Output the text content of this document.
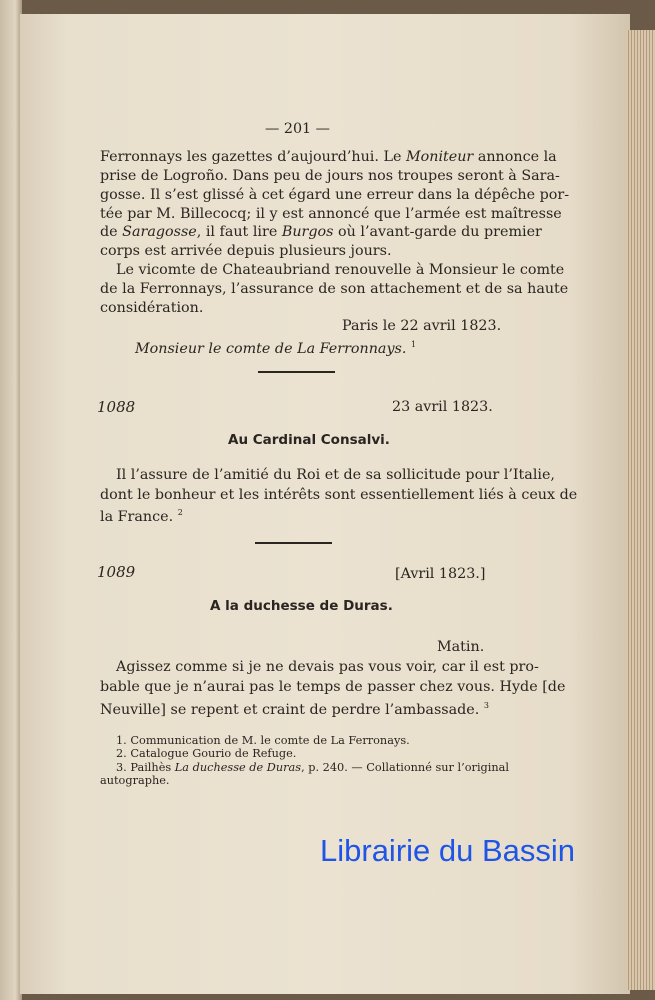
— 201 —
Ferronnays les gazettes d’aujourd’hui. Le Moniteur annonce la
prise de Logroño. Dans peu de jours nos troupes seront à Sara-
gosse. Il s’est glissé à cet égard une erreur dans la dépêche por-
tée par M. Billecocq; il y est annoncé que l’armée est maîtresse
de Saragosse, il faut lire Burgos où l’avant-garde du premier
corps est arrivée depuis plusieurs jours.
Le vicomte de Chateaubriand renouvelle à Monsieur le comte
de la Ferronnays, l’assurance de son attachement et de sa haute
considération.
Paris le 22 avril 1823.
Monsieur le comte de La Ferronnays. $^1$
1088	23 avril 1823.
Au Cardinal Consalvi.
Il l’assure de l’amitié du Roi et de sa sollicitude pour l’Italie,
dont le bonheur et les intérêts sont essentiellement liés à ceux de
la France. $^2$
1089	[Avril 1823.]
A la duchesse de Duras.
Matin.
Agissez comme si je ne devais pas vous voir, car il est pro-
bable que je n’aurai pas le temps de passer chez vous. Hyde [de
Neuville] se repent et craint de perdre l’ambassade. $^3$
1. Communication de M. le comte de La Ferronays.
2. Catalogue Gourio de Refuge.
3. Pailhès La duchesse de Duras, p. 240. — Collationné sur l’original
autographe.
Librairie du Bassin
